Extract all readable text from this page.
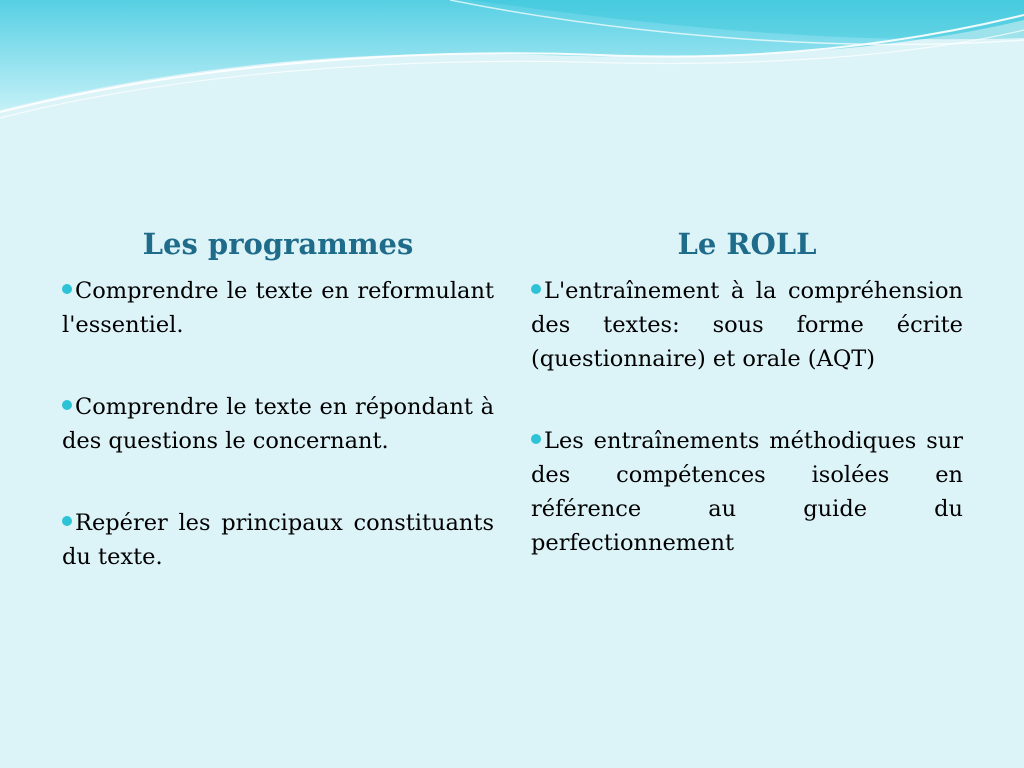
Les programmes
Comprendre le texte en reformulant l'essentiel.
Comprendre le texte en répondant à des questions le concernant.
Repérer les principaux constituants du texte.
Le ROLL
L'entraînement à la compréhension des textes: sous forme écrite (questionnaire) et orale (AQT)
Les entraînements méthodiques sur des compétences isolées en référence au guide du perfectionnement
